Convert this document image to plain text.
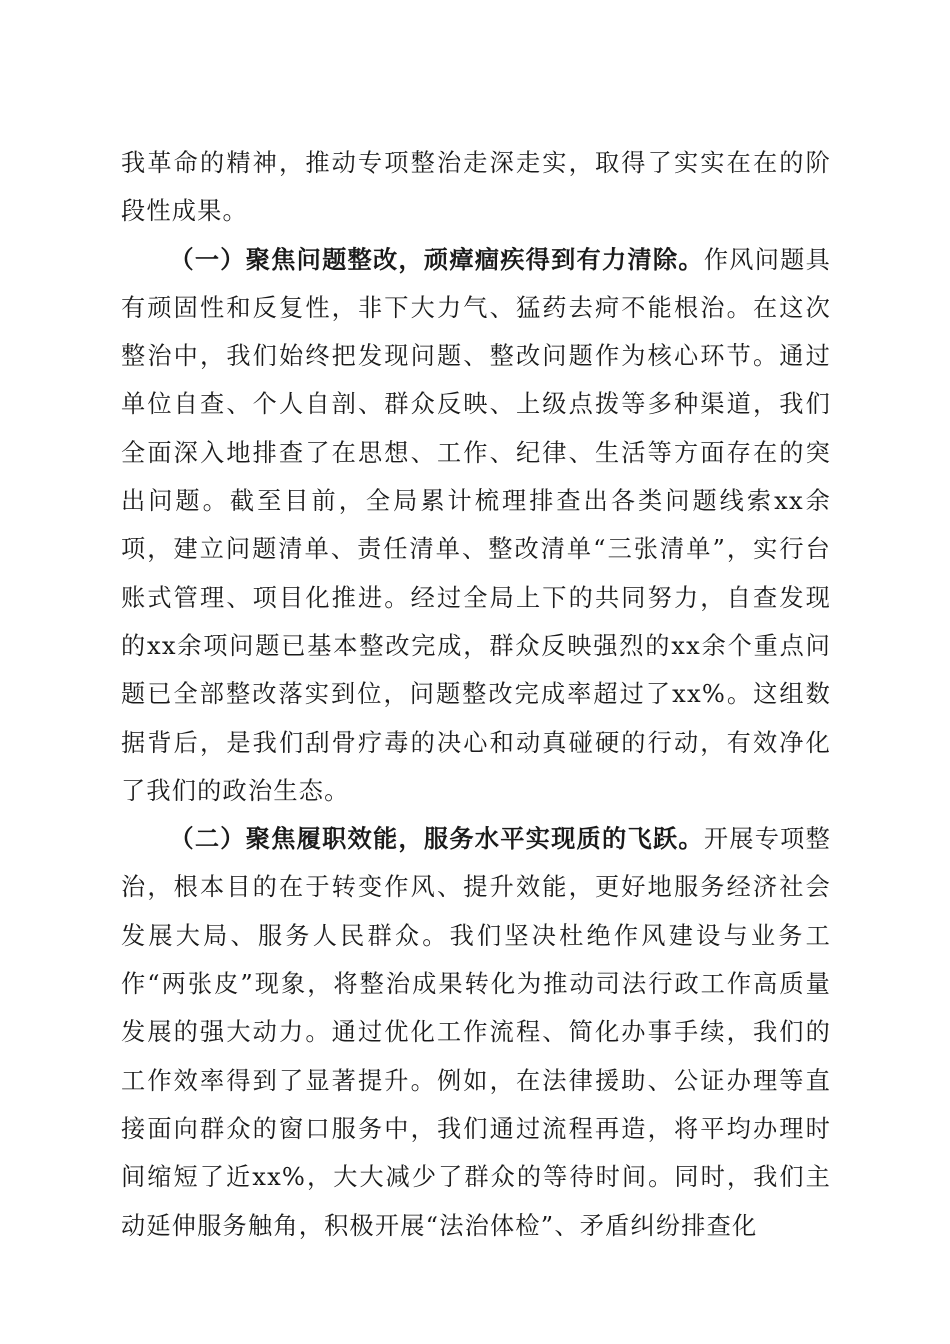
我革命的精神，推动专项整治走深走实，取得了实实在在的阶段性成果。

（一）聚焦问题整改，顽瘴痼疾得到有力清除。作风问题具有顽固性和反复性，非下大力气、猛药去疴不能根治。在这次整治中，我们始终把发现问题、整改问题作为核心环节。通过单位自查、个人自剖、群众反映、上级点拨等多种渠道，我们全面深入地排查了在思想、工作、纪律、生活等方面存在的突出问题。截至目前，全局累计梳理排查出各类问题线索xx余项，建立问题清单、责任清单、整改清单“三张清单”，实行台账式管理、项目化推进。经过全局上下的共同努力，自查发现的xx余项问题已基本整改完成，群众反映强烈的xx余个重点问题已全部整改落实到位，问题整改完成率超过了xx%。这组数据背后，是我们刮骨疗毒的决心和动真碰硬的行动，有效净化了我们的政治生态。

（二）聚焦履职效能，服务水平实现质的飞跃。开展专项整治，根本目的在于转变作风、提升效能，更好地服务经济社会发展大局、服务人民群众。我们坚决杜绝作风建设与业务工作“两张皮”现象，将整治成果转化为推动司法行政工作高质量发展的强大动力。通过优化工作流程、简化办事手续，我们的工作效率得到了显著提升。例如，在法律援助、公证办理等直接面向群众的窗口服务中，我们通过流程再造，将平均办理时间缩短了近xx%，大大减少了群众的等待时间。同时，我们主动延伸服务触角，积极开展“法治体检”、矛盾纠纷排查化
